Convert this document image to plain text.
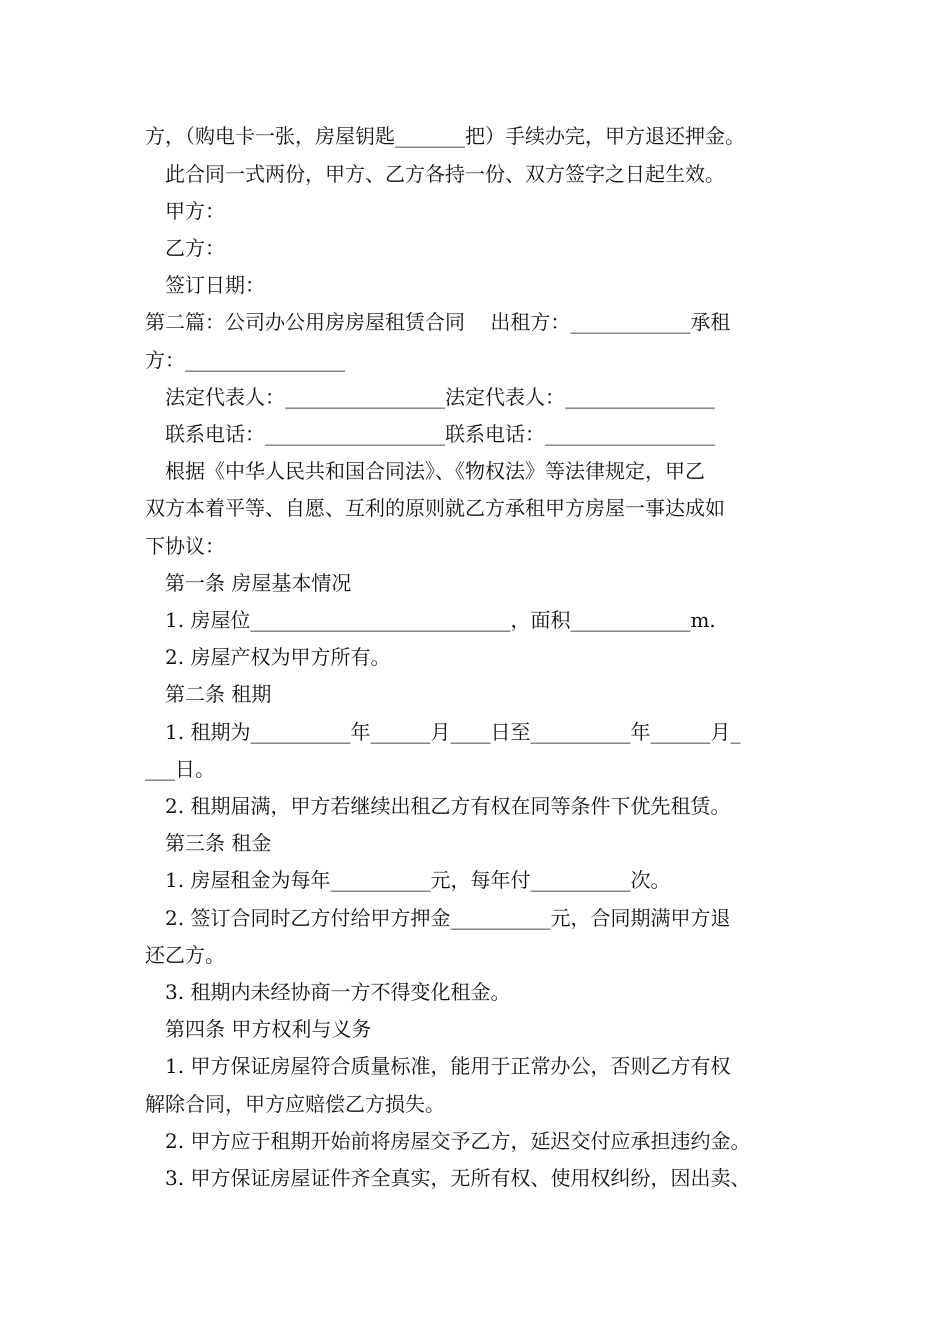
方，（购电卡一张，房屋钥匙_______把）手续办完，甲方退还押金。
此合同一式两份，甲方、乙方各持一份、双方签字之日起生效。
甲方：
乙方：
签订日期：
第二篇：公司办公用房房屋租赁合同    出租方：____________承租
方：________________
法定代表人：________________法定代表人：_______________
联系电话：__________________联系电话：_________________
根据《中华人民共和国合同法》、《物权法》等法律规定，甲乙
双方本着平等、自愿、互利的原则就乙方承租甲方房屋一事达成如
下协议：
第一条 房屋基本情况
1. 房屋位__________________________，面积____________m.
2. 房屋产权为甲方所有。
第二条 租期
1. 租期为__________年______月____日至__________年______月_
___日。
2. 租期届满，甲方若继续出租乙方有权在同等条件下优先租赁。
第三条 租金
1. 房屋租金为每年__________元，每年付__________次。
2. 签订合同时乙方付给甲方押金__________元，合同期满甲方退
还乙方。
3. 租期内未经协商一方不得变化租金。
第四条 甲方权利与义务
1. 甲方保证房屋符合质量标准，能用于正常办公，否则乙方有权
解除合同，甲方应赔偿乙方损失。
2. 甲方应于租期开始前将房屋交予乙方，延迟交付应承担违约金。
3. 甲方保证房屋证件齐全真实，无所有权、使用权纠纷，因出卖、
